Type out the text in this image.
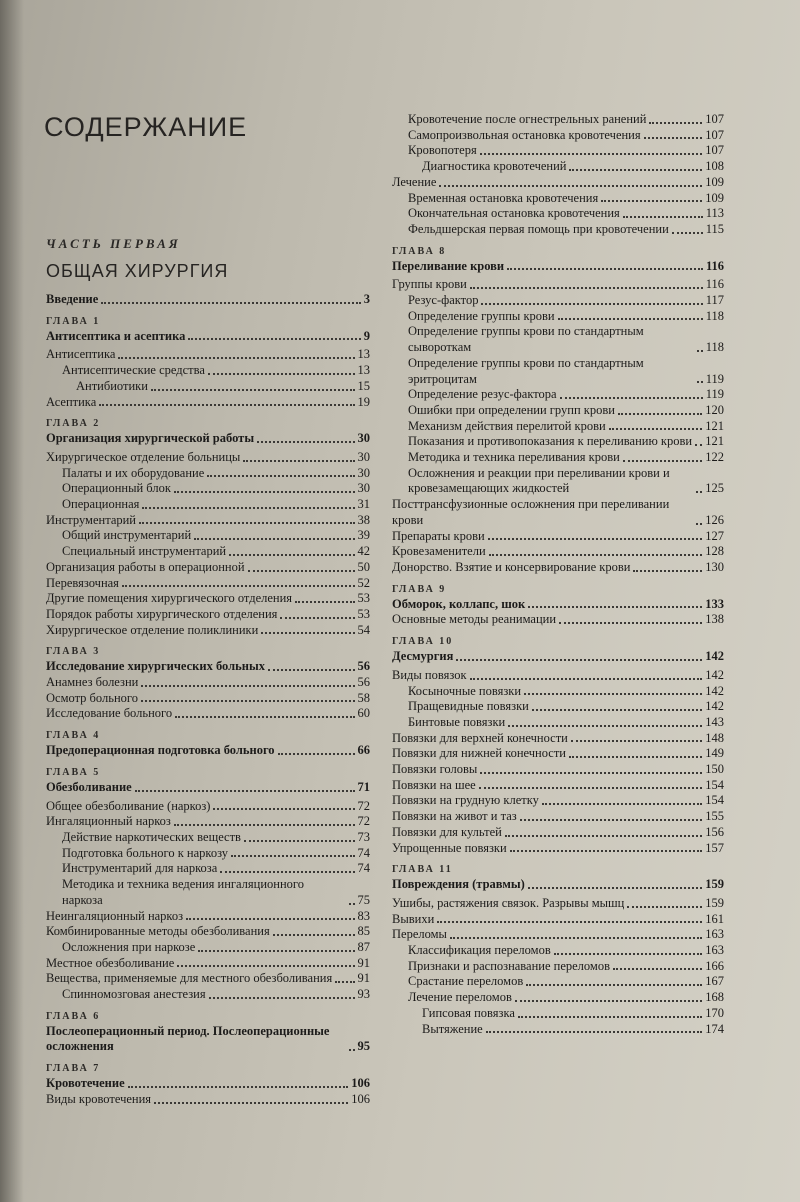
СОДЕРЖАНИЕ
ЧАСТЬ ПЕРВАЯ
ОБЩАЯ ХИРУРГИЯ
Введение	3
ГЛАВА 1
Антисептика и асептика	9
Антисептика	13
Антисептические средства	13
Антибиотики	15
Асептика	19
ГЛАВА 2
Организация хирургической работы	30
Хирургическое отделение больницы	30
Палаты и их оборудование	30
Операционный блок	30
Операционная	31
Инструментарий	38
Общий инструментарий	39
Специальный инструментарий	42
Организация работы в операционной	50
Перевязочная	52
Другие помещения хирургического отделения	53
Порядок работы хирургического отделения	53
Хирургическое отделение поликлиники	54
ГЛАВА 3
Исследование хирургических больных	56
Анамнез болезни	56
Осмотр больного	58
Исследование больного	60
ГЛАВА 4
Предоперационная подготовка больного	66
ГЛАВА 5
Обезболивание	71
Общее обезболивание (наркоз)	72
Ингаляционный наркоз	72
Действие наркотических веществ	73
Подготовка больного к наркозу	74
Инструментарий для наркоза	74
Методика и техника ведения ингаляционного наркоза	75
Неингаляционный наркоз	83
Комбинированные методы обезболивания	85
Осложнения при наркозе	87
Местное обезболивание	91
Вещества, применяемые для местного обезболивания 91
Спинномозговая анестезия	93
ГЛАВА 6
Послеоперационный период. Послеоперационные осложнения	95
ГЛАВА 7
Кровотечение	106
Виды кровотечения	106
Кровотечение после огнестрельных ранений	107
Самопроизвольная остановка кровотечения	107
Кровопотеря	107
Диагностика кровотечений	108
Лечение	109
Временная остановка кровотечения	109
Окончательная остановка кровотечения	113
Фельдшерская первая помощь при кровотечении	115
ГЛАВА 8
Переливание крови	116
Группы крови	116
Резус-фактор	117
Определение группы крови	118
Определение группы крови по стандартным сывороткам	118
Определение группы крови по стандартным эритроцитам	119
Определение резус-фактора	119
Ошибки при определении групп крови	120
Механизм действия перелитой крови	121
Показания и противопоказания к переливанию крови 121
Методика и техника переливания крови	122
Осложнения и реакции при переливании крови и кровезамещающих жидкостей	125
Посттрансфузионные осложнения при переливании крови	126
Препараты крови	127
Кровезаменители	128
Донорство. Взятие и консервирование крови	130
ГЛАВА 9
Обморок, коллапс, шок	133
Основные методы реанимации	138
ГЛАВА 10
Десмургия	142
Виды повязок	142
Косыночные повязки	142
Пращевидные повязки	142
Бинтовые повязки	143
Повязки для верхней конечности	148
Повязки для нижней конечности	149
Повязки головы	150
Повязки на шее	154
Повязки на грудную клетку	154
Повязки на живот и таз	155
Повязки для культей	156
Упрощенные повязки	157
ГЛАВА 11
Повреждения (травмы)	159
Ушибы, растяжения связок. Разрывы мышц	159
Вывихи	161
Переломы	163
Классификация переломов	163
Признаки и распознавание переломов	166
Срастание переломов	167
Лечение переломов	168
Гипсовая повязка	170
Вытяжение	174
